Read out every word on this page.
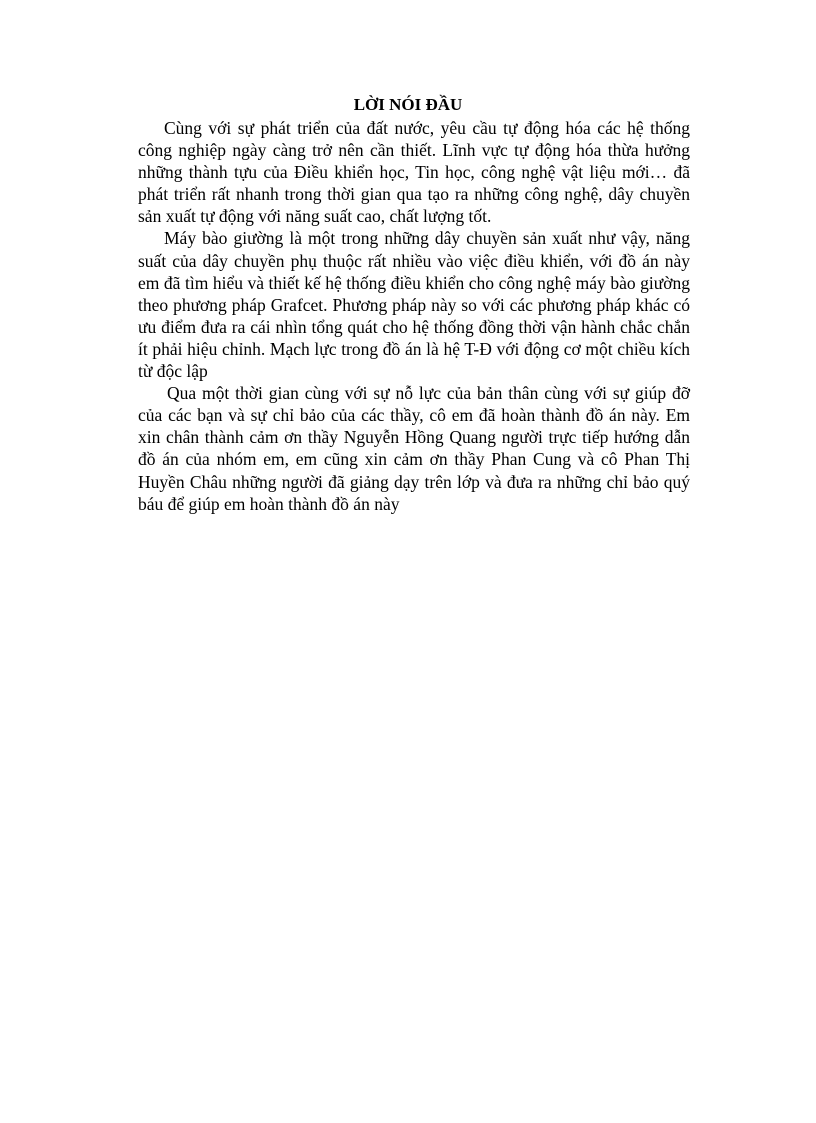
LỜI NÓI ĐẦU

Cùng với sự phát triển của đất nước, yêu cầu tự động hóa các hệ thống công nghiệp ngày càng trở nên cần thiết. Lĩnh vực tự động hóa thừa hưởng những thành tựu của Điều khiển học, Tin học, công nghệ vật liệu mới… đã phát triển rất nhanh trong thời gian qua tạo ra những công nghệ, dây chuyền sản xuất tự động với năng suất cao, chất lượng tốt.

Máy bào giường là một trong những dây chuyền sản xuất như vậy, năng suất của dây chuyền phụ thuộc rất nhiều vào việc điều khiển, với đồ án này em đã tìm hiểu và thiết kế hệ thống điều khiển cho công nghệ máy bào giường theo phương pháp Grafcet. Phương pháp này so với các phương pháp khác có ưu điểm đưa ra cái nhìn tổng quát cho hệ thống đồng thời vận hành chắc chắn ít phải hiệu chỉnh. Mạch lực trong đồ án là hệ T-Đ với động cơ một chiều kích từ độc lập

Qua một thời gian cùng với sự nỗ lực của bản thân cùng với sự giúp đỡ của các bạn và sự chỉ bảo của các thầy, cô em đã hoàn thành đồ án này. Em xin chân thành cảm ơn thầy Nguyễn Hồng Quang người trực tiếp hướng dẫn đồ án của nhóm em, em cũng xin cảm ơn thầy Phan Cung và cô Phan Thị Huyền Châu những người đã giảng dạy trên lớp và đưa ra những chỉ bảo quý báu để giúp em hoàn thành đồ án này
